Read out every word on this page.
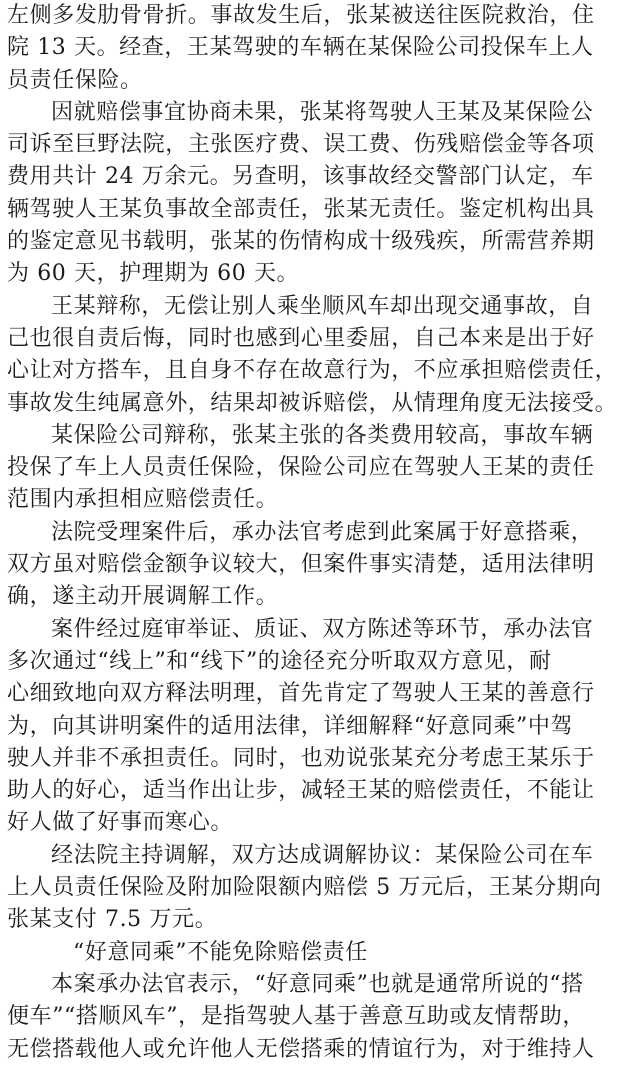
左侧多发肋骨骨折。事故发生后，张某被送往医院救治，住
院 13 天。经查，王某驾驶的车辆在某保险公司投保车上人
员责任保险。
因就赔偿事宜协商未果，张某将驾驶人王某及某保险公
司诉至巨野法院，主张医疗费、误工费、伤残赔偿金等各项
费用共计 24 万余元。另查明，该事故经交警部门认定，车
辆驾驶人王某负事故全部责任，张某无责任。鉴定机构出具
的鉴定意见书载明，张某的伤情构成十级残疾，所需营养期
为 60 天，护理期为 60 天。
王某辩称，无偿让别人乘坐顺风车却出现交通事故，自
己也很自责后悔，同时也感到心里委屈，自己本来是出于好
心让对方搭车，且自身不存在故意行为，不应承担赔偿责任，
事故发生纯属意外，结果却被诉赔偿，从情理角度无法接受。
某保险公司辩称，张某主张的各类费用较高，事故车辆
投保了车上人员责任保险，保险公司应在驾驶人王某的责任
范围内承担相应赔偿责任。
法院受理案件后，承办法官考虑到此案属于好意搭乘，
双方虽对赔偿金额争议较大，但案件事实清楚，适用法律明
确，遂主动开展调解工作。
案件经过庭审举证、质证、双方陈述等环节，承办法官
多次通过“线上”和“线下”的途径充分听取双方意见，耐
心细致地向双方释法明理，首先肯定了驾驶人王某的善意行
为，向其讲明案件的适用法律，详细解释“好意同乘”中驾
驶人并非不承担责任。同时，也劝说张某充分考虑王某乐于
助人的好心，适当作出让步，减轻王某的赔偿责任，不能让
好人做了好事而寒心。
经法院主持调解，双方达成调解协议：某保险公司在车
上人员责任保险及附加险限额内赔偿 5 万元后，王某分期向
张某支付 7.5 万元。
“好意同乘”不能免除赔偿责任
本案承办法官表示，“好意同乘”也就是通常所说的“搭
便车”“搭顺风车”，是指驾驶人基于善意互助或友情帮助，
无偿搭载他人或允许他人无偿搭乘的情谊行为，对于维持人
